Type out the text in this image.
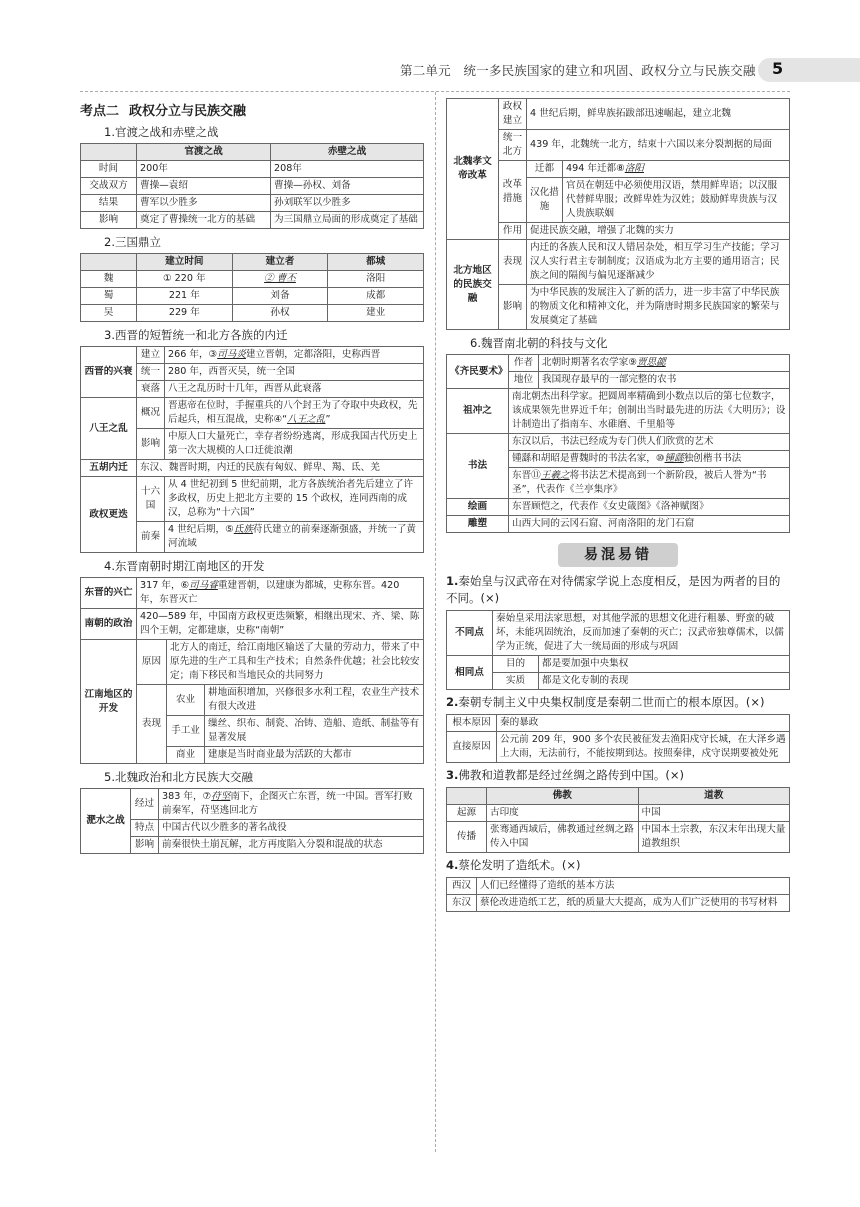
第二单元　统一多民族国家的建立和巩固、政权分立与民族交融 5
考点二 政权分立与民族交融
1.官渡之战和赤壁之战
	官渡之战	赤壁之战
时间	200年	208年
交战双方	曹操—袁绍	曹操—孙权、刘备
结果	曹军以少胜多	孙刘联军以少胜多
影响	奠定了曹操统一北方的基础	为三国鼎立局面的形成奠定了基础
2.三国鼎立
	建立时间	建立者	都城
魏	① 220 年	② 曹丕	洛阳
蜀	221 年	刘备	成都
吴	229 年	孙权	建业
3.西晋的短暂统一和北方各族的内迁
西晋的兴衰	建立	266 年，③司马炎建立晋朝，定都洛阳，史称西晋
	统一	280 年，西晋灭吴，统一全国
	衰落	八王之乱历时十几年，西晋从此衰落
八王之乱	概况	晋惠帝在位时，手握重兵的八个封王为了夺取中央政权，先后起兵，相互混战，史称④“八王之乱”
	影响	中原人口大量死亡，幸存者纷纷逃离，形成我国古代历史上第一次大规模的人口迁徙浪潮
五胡内迁	东汉、魏晋时期，内迁的民族有匈奴、鲜卑、羯、氐、羌	
政权更迭	十六国	从 4 世纪初到 5 世纪前期，北方各族统治者先后建立了许多政权，历史上把北方主要的 15 个政权，连同西南的成汉，总称为“十六国”
	前秦	4 世纪后期，⑤氐族苻氏建立的前秦逐渐强盛，并统一了黄河流域
4.东晋南朝时期江南地区的开发
东晋的兴亡	317 年，⑥司马睿重建晋朝，以建康为都城，史称东晋。420 年，东晋灭亡		
南朝的政治	420—589 年，中国南方政权更迭频繁，相继出现宋、齐、梁、陈四个王朝，定都建康，史称“南朝”		
江南地区的开发	原因	北方人的南迁，给江南地区输送了大量的劳动力，带来了中原先进的生产工具和生产技术；自然条件优越；社会比较安定；南下移民和当地民众的共同努力	
	表现	农业	耕地面积增加，兴修很多水利工程，农业生产技术有很大改进
		手工业	缫丝、织布、制瓷、冶铸、造船、造纸、制盐等有显著发展
		商业	建康是当时商业最为活跃的大都市
5.北魏政治和北方民族大交融
淝水之战	经过	383 年，⑦苻坚南下，企图灭亡东晋，统一中国。晋军打败前秦军，苻坚逃回北方
	特点	中国古代以少胜多的著名战役
	影响	前秦很快土崩瓦解，北方再度陷入分裂和混战的状态
北魏孝文帝改革	政权建立	4 世纪后期，鲜卑族拓跋部迅速崛起，建立北魏	
	统一北方	439 年，北魏统一北方，结束十六国以来分裂割据的局面	
	改革措施	迁都	494 年迁都⑧洛阳
		汉化措施	官员在朝廷中必须使用汉语，禁用鲜卑语；以汉服代替鲜卑服；改鲜卑姓为汉姓；鼓励鲜卑贵族与汉人贵族联姻
	作用	促进民族交融，增强了北魏的实力	
北方地区的民族交融	表现	内迁的各族人民和汉人错居杂处，相互学习生产技能；学习汉人实行君主专制制度；汉语成为北方主要的通用语言；民族之间的隔阂与偏见逐渐减少
	影响	为中华民族的发展注入了新的活力，进一步丰富了中华民族的物质文化和精神文化，并为隋唐时期多民族国家的繁荣与发展奠定了基础
6.魏晋南北朝的科技与文化
《齐民要术》	作者	北朝时期著名农学家⑨贾思勰
	地位	我国现存最早的一部完整的农书
祖冲之	南北朝杰出科学家。把圆周率精确到小数点以后的第七位数字，该成果领先世界近千年；创制出当时最先进的历法《大明历》；设计制造出了指南车、水碓磨、千里船等	
书法	东汉以后，书法已经成为专门供人们欣赏的艺术	
	锺繇和胡昭是曹魏时的书法名家，⑩锺繇独创楷书书法	
	东晋⑪王羲之将书法艺术提高到一个新阶段，被后人誉为“书圣”，代表作《兰亭集序》	
绘画	东晋顾恺之，代表作《女史箴图》《洛神赋图》	
雕塑	山西大同的云冈石窟、河南洛阳的龙门石窟	
易混易错
1.秦始皇与汉武帝在对待儒家学说上态度相反，是因为两者的目的不同。(×)
不同点	秦始皇采用法家思想，对其他学派的思想文化进行粗暴、野蛮的破坏，未能巩固统治，反而加速了秦朝的灭亡；汉武帝独尊儒术，以儒学为正统，促进了大一统局面的形成与巩固	
相同点	目的	都是要加强中央集权
	实质	都是文化专制的表现
2.秦朝专制主义中央集权制度是秦朝二世而亡的根本原因。(×)
根本原因	秦的暴政
直接原因	公元前 209 年，900 多个农民被征发去渔阳戍守长城，在大泽乡遇上大雨，无法前行，不能按期到达。按照秦律，戍守误期要被处死
3.佛教和道教都是经过丝绸之路传到中国。(×)
	佛教	道教
起源	古印度	中国
传播	张骞通西域后，佛教通过丝绸之路传入中国	中国本土宗教，东汉末年出现大量道教组织
4.蔡伦发明了造纸术。(×)
西汉	人们已经懂得了造纸的基本方法
东汉	蔡伦改进造纸工艺，纸的质量大大提高，成为人们广泛使用的书写材料
